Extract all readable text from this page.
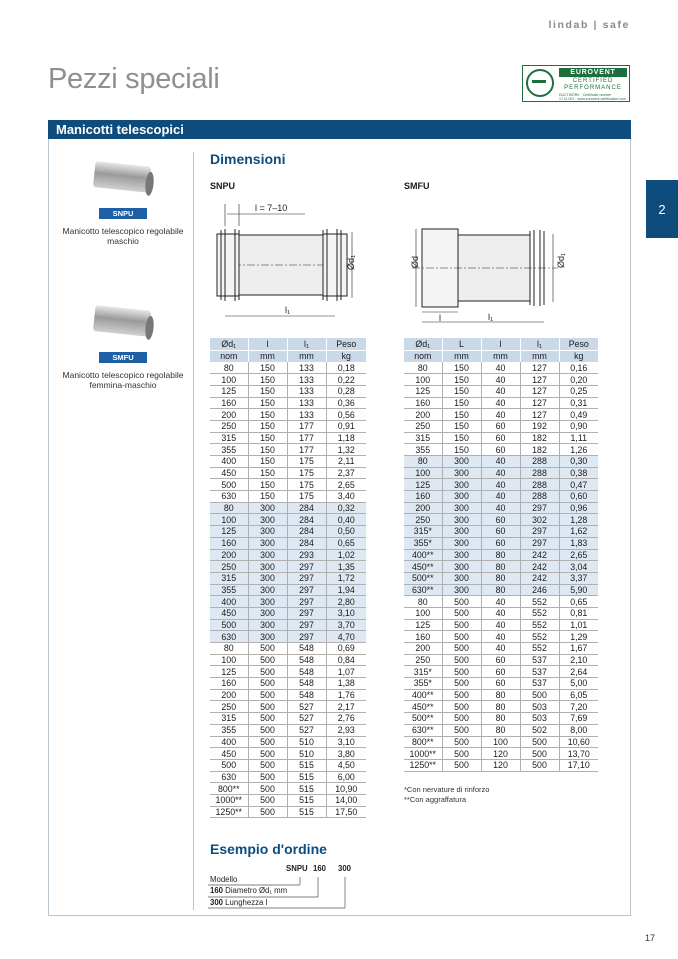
lindab | safe
Pezzi speciali	EUROVENT
CERTIFIED
PERFORMANCE
DUCTWORK · Certificate number 17.11.001 · www.eurovent-certification.com
2
Manicotti telescopici
SNPU
Manicotto telescopico regolabile maschio
SMFU
Manicotto telescopico regolabile femmina-maschio
Dimensioni
SNPU	SMFU
l = 7–10
Ød₁
l₁
Ød	Ød₁
l	l₁
Ød₁	l	l₁	Peso
nom	mm	mm	kg
80	150	133	0,18
100	150	133	0,22
125	150	133	0,28
160	150	133	0,36
200	150	133	0,56
250	150	177	0,91
315	150	177	1,18
355	150	177	1,32
400	150	175	2,11
450	150	175	2,37
500	150	175	2,65
630	150	175	3,40
80	300	284	0,32
100	300	284	0,40
125	300	284	0,50
160	300	284	0,65
200	300	293	1,02
250	300	297	1,35
315	300	297	1,72
355	300	297	1,94
400	300	297	2,80
450	300	297	3,10
500	300	297	3,70
630	300	297	4,70
80	500	548	0,69
100	500	548	0,84
125	500	548	1,07
160	500	548	1,38
200	500	548	1,76
250	500	527	2,17
315	500	527	2,76
355	500	527	2,93
400	500	510	3,10
450	500	510	3,80
500	500	515	4,50
630	500	515	6,00
800**	500	515	10,90
1000**	500	515	14,00
1250**	500	515	17,50
Ød₁	L	l	l₁	Peso
nom	mm	mm	mm	kg
80	150	40	127	0,16
100	150	40	127	0,20
125	150	40	127	0,25
160	150	40	127	0,31
200	150	40	127	0,49
250	150	60	192	0,90
315	150	60	182	1,11
355	150	60	182	1,26
80	300	40	288	0,30
100	300	40	288	0,38
125	300	40	288	0,47
160	300	40	288	0,60
200	300	40	297	0,96
250	300	60	302	1,28
315*	300	60	297	1,62
355*	300	60	297	1,83
400**	300	80	242	2,65
450**	300	80	242	3,04
500**	300	80	242	3,37
630**	300	80	246	5,90
80	500	40	552	0,65
100	500	40	552	0,81
125	500	40	552	1,01
160	500	40	552	1,29
200	500	40	552	1,67
250	500	60	537	2,10
315*	500	60	537	2,64
355*	500	60	537	5,00
400**	500	80	500	6,05
450**	500	80	503	7,20
500**	500	80	503	7,69
630**	500	80	502	8,00
800**	500	100	500	10,60
1000**	500	120	500	13,70
1250**	500	120	500	17,10
*Con nervature di rinforzo
**Con aggraffatura
Esempio d'ordine
SNPU 160 300
Modello
160 Diametro Ød₁ mm
300 Lunghezza l
17
